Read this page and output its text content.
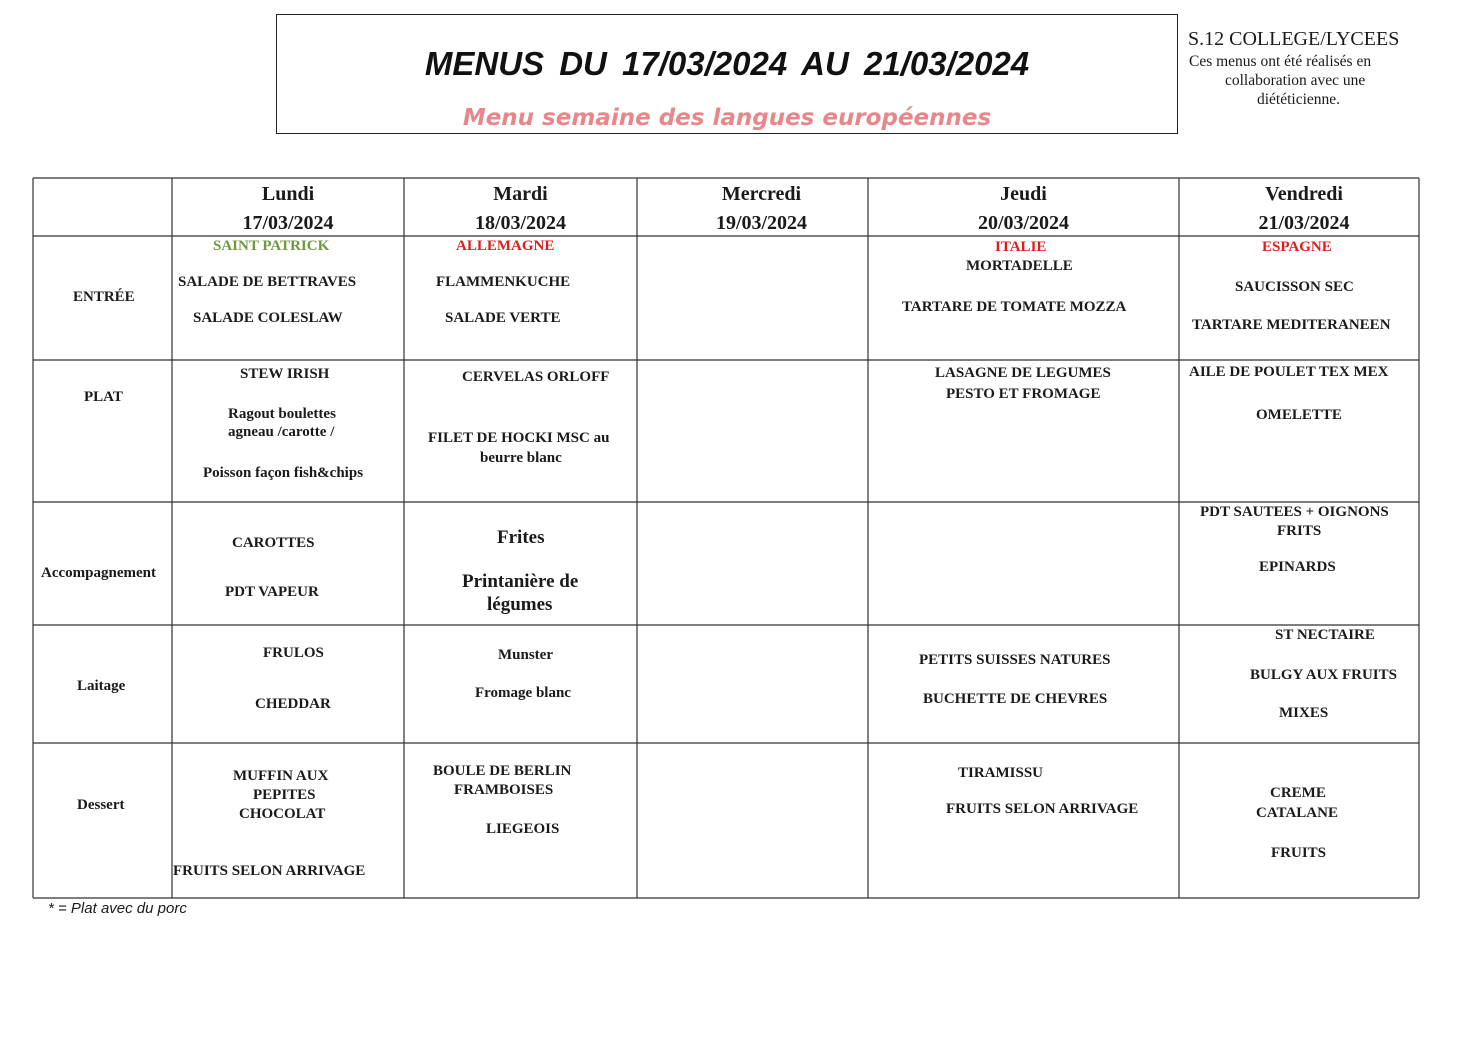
MENUS DU 17/03/2024 AU 21/03/2024
Menu semaine des langues européennes
S.12 COLLEGE/LYCEES
Ces menus ont été réalisés en
collaboration avec une
diététicienne.
Lundi
17/03/2024
Mardi
18/03/2024
Mercredi
19/03/2024
Jeudi
20/03/2024
Vendredi
21/03/2024
ENTRÉE
PLAT
Accompagnement
Laitage
Dessert
SAINT PATRICK
SALADE DE BETTRAVES
SALADE COLESLAW
ALLEMAGNE
FLAMMENKUCHE
SALADE VERTE
ITALIE
MORTADELLE
TARTARE DE TOMATE MOZZA
ESPAGNE
SAUCISSON SEC
TARTARE MEDITERANEEN
STEW IRISH
Ragout boulettes
agneau /carotte /
Poisson façon fish&chips
CERVELAS ORLOFF
FILET DE HOCKI MSC au
beurre blanc
LASAGNE DE LEGUMES
PESTO ET FROMAGE
AILE DE POULET TEX MEX
OMELETTE
CAROTTES
PDT VAPEUR
Frites
Printanière de
légumes
PDT SAUTEES + OIGNONS
FRITS
EPINARDS
FRULOS
CHEDDAR
Munster
Fromage blanc
PETITS SUISSES NATURES
BUCHETTE DE CHEVRES
ST NECTAIRE
BULGY AUX FRUITS
MIXES
MUFFIN AUX
PEPITES
CHOCOLAT
FRUITS SELON ARRIVAGE
BOULE DE BERLIN
FRAMBOISES
LIEGEOIS
TIRAMISSU
FRUITS SELON ARRIVAGE
CREME
CATALANE
FRUITS
* = Plat avec du porc
